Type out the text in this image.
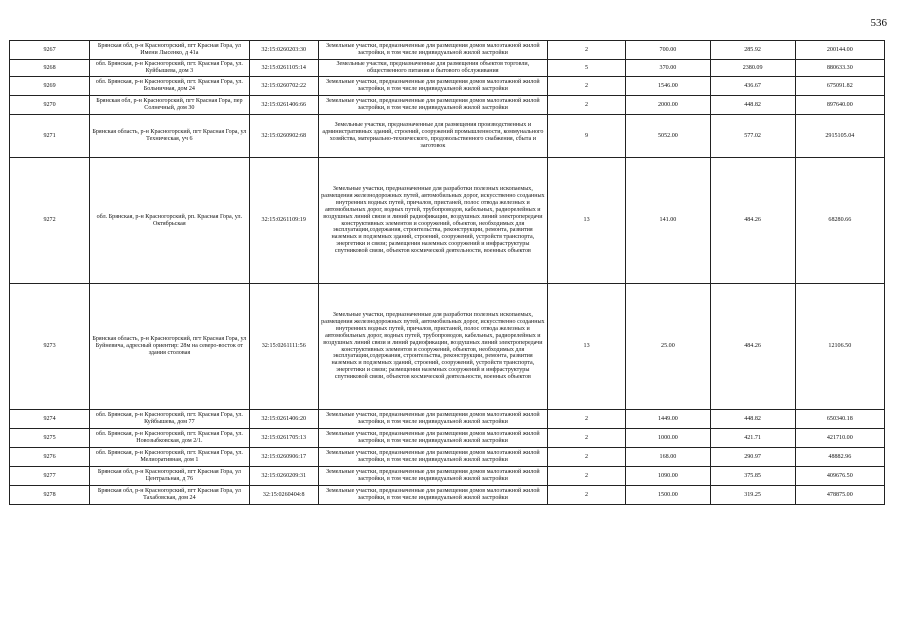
536
9267	Брянская обл, р-н Красногорский, пгт Красная Гора, ул Имени Лысенко, д 41а	32:15:0260203:30	Земельные участки, предназначенные для размещения домов малоэтажной жилой застройки, в том числе индивидуальной жилой застройки	2	700.00	285.92	200144.00
9268	обл. Брянская, р-н Красногорский, пгт. Красная Гора, ул. Куйбышева, дом 3	32:15:0261105:14	Земельные участки, предназначенные для размещения объектов торговли, общественного питания и бытового обслуживания	5	370.00	2380.09	880633.30
9269	обл. Брянская, р-н Красногорский, пгт. Красная Гора, ул. Больничная, дом 24	32:15:0260702:22	Земельные участки, предназначенные для размещения домов малоэтажной жилой застройки, в том числе индивидуальной жилой застройки	2	1546.00	436.67	675091.82
9270	Брянская обл, р-н Красногорский, пгт Красная Гора, пер Солнечный, дом 30	32:15:0261406:66	Земельные участки, предназначенные для размещения домов малоэтажной жилой застройки, в том числе индивидуальной жилой застройки	2	2000.00	448.82	897640.00
9271	Брянская область, р-н Красногорский, пгт Красная Гора, ул Техническая, уч 6	32:15:0260902:68	Земельные участки, предназначенные для размещения производственных и административных зданий, строений, сооружений промышленности, коммунального хозяйства, материально-технического, продовольственного снабжения, сбыта и заготовок	9	5052.00	577.02	2915105.04
9272	обл. Брянская, р-н Красногорский, рп. Красная Гора, ул. Октябрьская	32:15:0261109:19	Земельные участки, предназначенные для разработки полезных ископаемых, размещения железнодорожных путей, автомобильных дорог, искусственно созданных внутренних водных путей, причалов, пристаней, полос отвода железных и автомобильных дорог, водных путей, трубопроводов, кабельных, радиорелейных и воздушных линий связи и линий радиофикации, воздушных линий электропередачи конструктивных элементов и сооружений, объектов, необходимых для эксплуатации,содержания, строительства, реконструкции, ремонта, развития наземных и подземных зданий, строений, сооружений, устройств транспорта, энергетики и связи; размещения наземных сооружений и инфраструктуры спутниковой связи, объектов космической деятельности, военных объектов	13	141.00	484.26	68280.66
9273	Брянская область, р-н Красногорский, пгт Красная Гора, ул Буйневича, адресный ориентир: 28м на северо-восток от здания столовая	32:15:0261111:56	Земельные участки, предназначенные для разработки полезных ископаемых, размещения железнодорожных путей, автомобильных дорог, искусственно созданных внутренних водных путей, причалов, пристаней, полос отвода железных и автомобильных дорог, водных путей, трубопроводов, кабельных, радиорелейных и воздушных линий связи и линий радиофикации, воздушных линий электропередачи конструктивных элементов и сооружений, объектов, необходимых для эксплуатации,содержания, строительства, реконструкции, ремонта, развития наземных и подземных зданий, строений, сооружений, устройств транспорта, энергетики и связи; размещения наземных сооружений и инфраструктуры спутниковой связи, объектов космической деятельности, военных объектов	13	25.00	484.26	12106.50
9274	обл. Брянская, р-н Красногорский, пгт. Красная Гора, ул. Куйбышева, дом 77	32:15:0261406:20	Земельные участки, предназначенные для размещения домов малоэтажной жилой застройки, в том числе индивидуальной жилой застройки	2	1449.00	448.82	650340.18
9275	обл. Брянская, р-н Красногорский, пгт. Красная Гора, ул. Новозыбковская, дом 2/1.	32:15:0261705:13	Земельные участки, предназначенные для размещения домов малоэтажной жилой застройки, в том числе индивидуальной жилой застройки	2	1000.00	421.71	421710.00
9276	обл. Брянская, р-н Красногорский, пгт. Красная Гора, ул. Мелиоративная, дом 1	32:15:0260906:17	Земельные участки, предназначенные для размещения домов малоэтажной жилой застройки, в том числе индивидуальной жилой застройки	2	168.00	290.97	48882.96
9277	Брянская обл, р-н Красногорский, пгт Красная Гора, ул Центральная, д 76	32:15:0260209:31	Земельные участки, предназначенные для размещения домов малоэтажной жилой застройки, в том числе индивидуальной жилой застройки	2	1090.00	375.85	409676.50
9278	Брянская обл, р-н Красногорский, пгт Красная Гора, ул Тахабовская, дом 24	32:15:0260404:8	Земельные участки, предназначенные для размещения домов малоэтажной жилой застройки, в том числе индивидуальной жилой застройки	2	1500.00	319.25	478875.00
